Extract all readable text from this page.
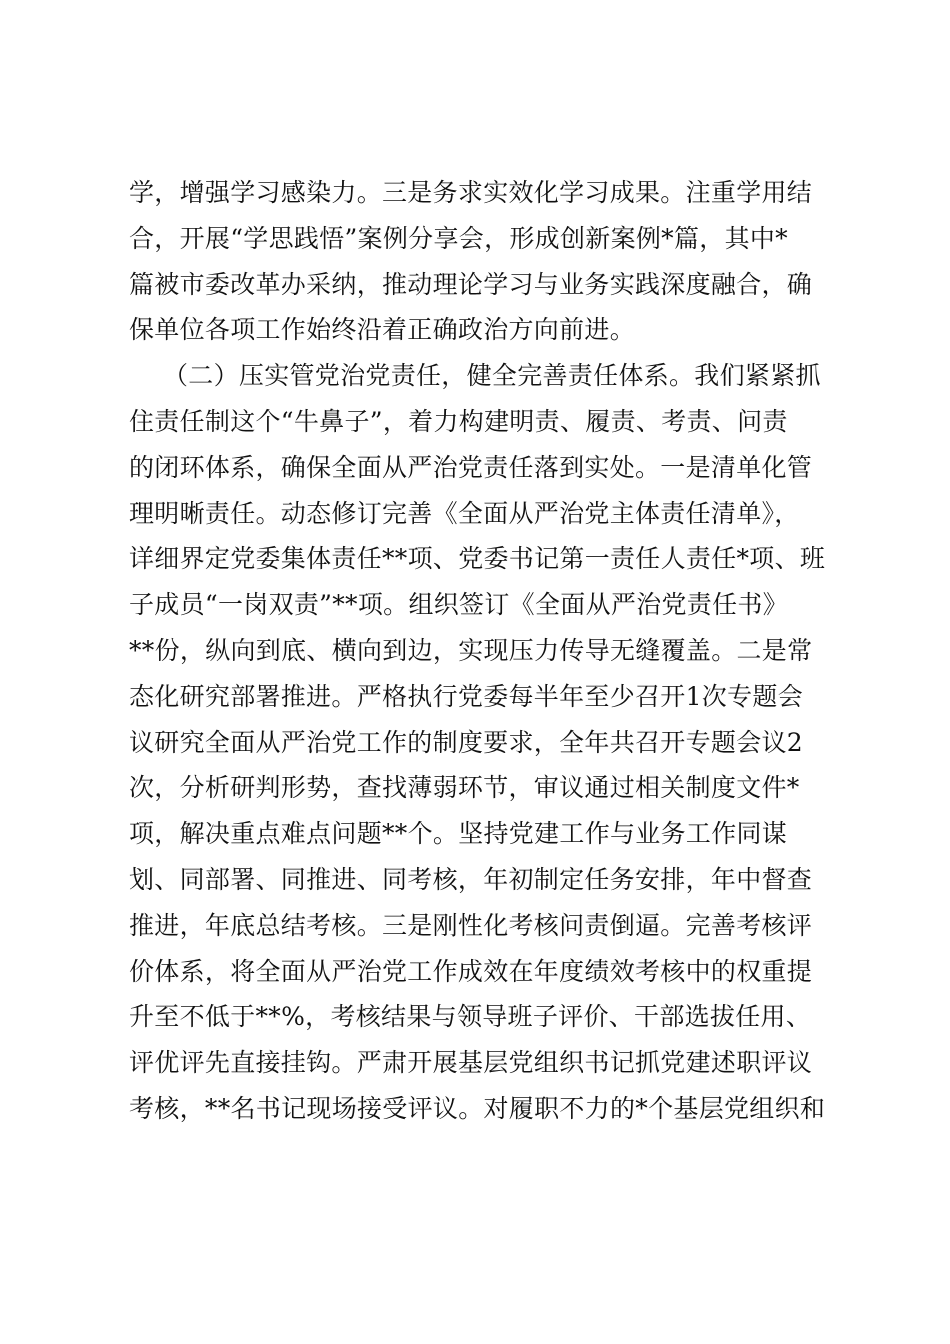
学，增强学习感染力。三是务求实效化学习成果。注重学用结
合，开展“学思践悟”案例分享会，形成创新案例*篇，其中*
篇被市委改革办采纳，推动理论学习与业务实践深度融合，确
保单位各项工作始终沿着正确政治方向前进。
（二）压实管党治党责任，健全完善责任体系。我们紧紧抓
住责任制这个“牛鼻子”，着力构建明责、履责、考责、问责
的闭环体系，确保全面从严治党责任落到实处。一是清单化管
理明晰责任。动态修订完善《全面从严治党主体责任清单》，
详细界定党委集体责任**项、党委书记第一责任人责任*项、班
子成员“一岗双责”**项。组织签订《全面从严治党责任书》
**份，纵向到底、横向到边，实现压力传导无缝覆盖。二是常
态化研究部署推进。严格执行党委每半年至少召开1次专题会
议研究全面从严治党工作的制度要求，全年共召开专题会议2
次，分析研判形势，查找薄弱环节，审议通过相关制度文件*
项，解决重点难点问题**个。坚持党建工作与业务工作同谋
划、同部署、同推进、同考核，年初制定任务安排，年中督查
推进，年底总结考核。三是刚性化考核问责倒逼。完善考核评
价体系，将全面从严治党工作成效在年度绩效考核中的权重提
升至不低于**%，考核结果与领导班子评价、干部选拔任用、
评优评先直接挂钩。严肃开展基层党组织书记抓党建述职评议
考核，**名书记现场接受评议。对履职不力的*个基层党组织和
